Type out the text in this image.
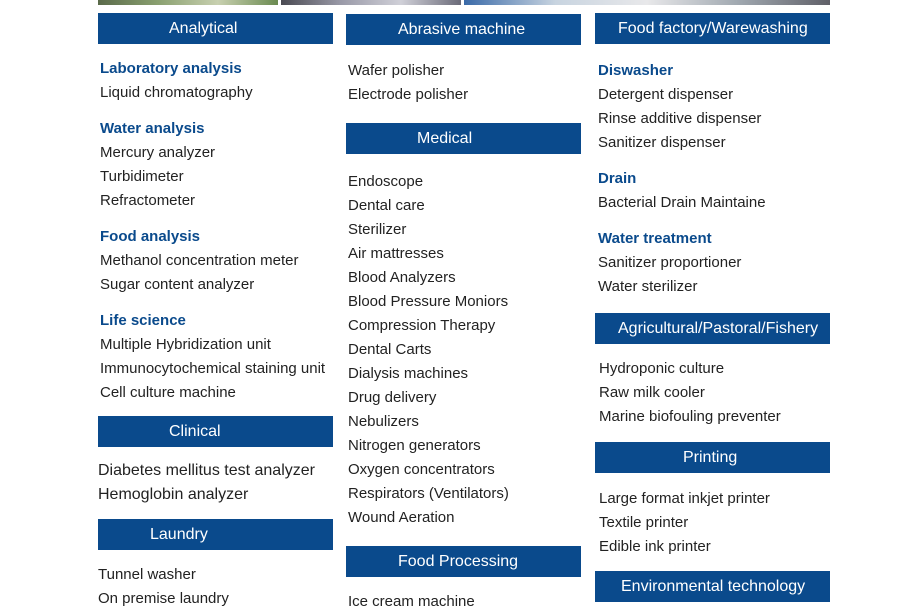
Analytical
Laboratory analysis
Liquid chromatography
Water analysis
Mercury analyzer
Turbidimeter
Refractometer
Food analysis
Methanol concentration meter
Sugar content analyzer
Life science
Multiple Hybridization unit
Immunocytochemical staining unit
Cell culture machine
Clinical
Diabetes mellitus test analyzer
Hemoglobin analyzer
Laundry
Tunnel washer
On premise laundry
Abrasive machine
Wafer polisher
Electrode polisher
Medical
Endoscope
Dental care
Sterilizer
Air mattresses
Blood Analyzers
Blood Pressure Moniors
Compression Therapy
Dental Carts
Dialysis machines
Drug delivery
Nebulizers
Nitrogen generators
Oxygen concentrators
Respirators (Ventilators)
Wound Aeration
Food Processing
Ice cream machine
Food factory/Warewashing
Diswasher
Detergent dispenser
Rinse additive dispenser
Sanitizer dispenser
Drain
Bacterial Drain Maintaine
Water treatment
Sanitizer proportioner
Water sterilizer
Agricultural/Pastoral/Fishery
Hydroponic culture
Raw milk cooler
Marine biofouling preventer
Printing
Large format inkjet printer
Textile printer
Edible ink printer
Environmental technology
